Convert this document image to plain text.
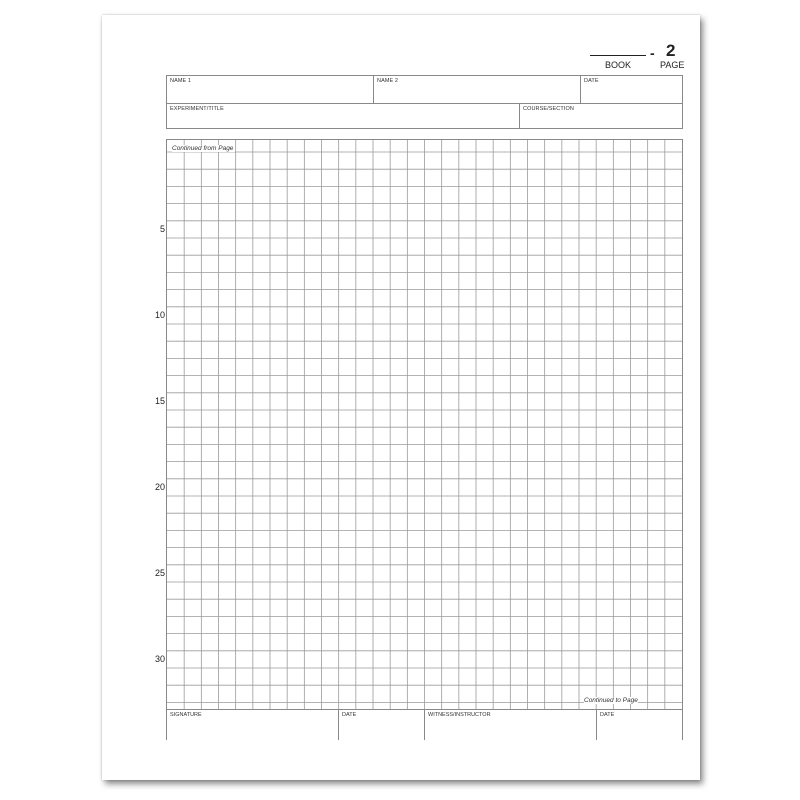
- 2
BOOK	PAGE
NAME 1	NAME 2	DATE
EXPERIMENT/TITLE	COURSE/SECTION
Continued from Page
Continued to Page
SIGNATURE	DATE	WITNESS/INSTRUCTOR	DATE
5
10
15
20
25
30
